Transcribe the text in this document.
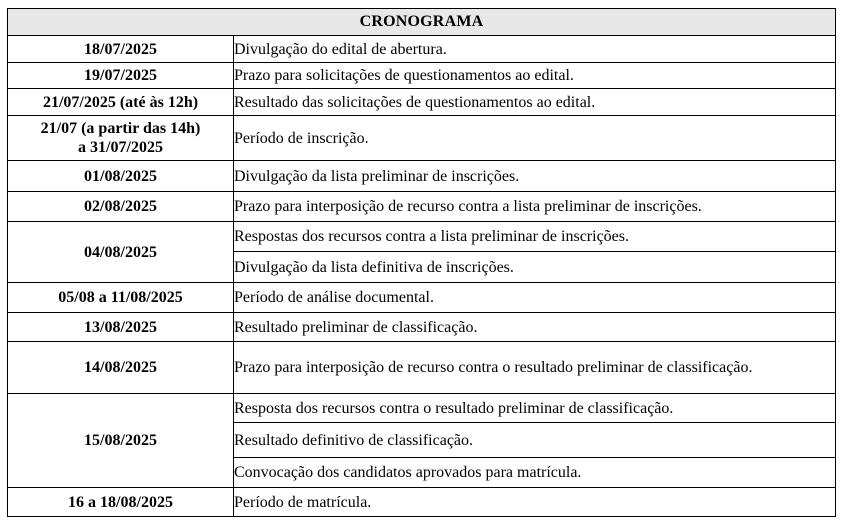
CRONOGRAMA	
18/07/2025	Divulgação do edital de abertura.
19/07/2025	Prazo para solicitações de questionamentos ao edital.
21/07/2025 (até às 12h)	Resultado das solicitações de questionamentos ao edital.

21/07 (a partir das 14h)
a 31/07/2025	Período de inscrição.
01/08/2025	Divulgação da lista preliminar de inscrições.
02/08/2025	Prazo para interposição de recurso contra a lista preliminar de inscrições.
04/08/2025	Respostas dos recursos contra a lista preliminar de inscrições.
	Divulgação da lista definitiva de inscrições.
05/08 a 11/08/2025	Período de análise documental.
13/08/2025	Resultado preliminar de classificação.
14/08/2025	Prazo para interposição de recurso contra o resultado preliminar de classificação.
15/08/2025	Resposta dos recursos contra o resultado preliminar de classificação.
	Resultado definitivo de classificação.
	Convocação dos candidatos aprovados para matrícula.
16 a 18/08/2025	Período de matrícula.
